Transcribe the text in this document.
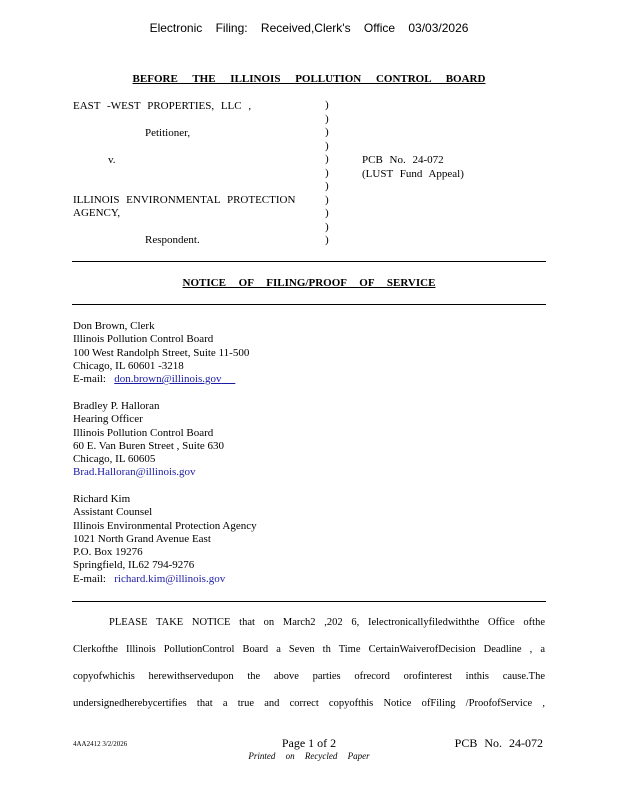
Electronic Filing: Received,Clerk's Office 03/03/2026
BEFORE THE ILLINOIS POLLUTION CONTROL BOARD
EAST -WEST PROPERTIES, LLC ,
Petitioner,
v.
ILLINOIS ENVIRONMENTAL PROTECTION
AGENCY,
Respondent.
)
)
)
)
)
)
)
)
)
)
)
PCB No. 24-072
(LUST Fund Appeal)
NOTICE OF FILING/PROOF OF SERVICE
Don Brown, Clerk
Illinois Pollution Control Board
100 West Randolph Street, Suite 11-500
Chicago, IL 60601 -3218
E-mail: don.brown@illinois.gov
Bradley P. Halloran
Hearing Officer
Illinois Pollution Control Board
60 E. Van Buren Street , Suite 630
Chicago, IL 60605
Brad.Halloran@illinois.gov
Richard Kim
Assistant Counsel
Illinois Environmental Protection Agency
1021 North Grand Avenue East
P.O. Box 19276
Springfield, IL62 794-9276
E-mail: richard.kim@illinois.gov
PLEASE TAKE NOTICE that on March2 ,202 6, Ielectronicallyfiledwiththe Office ofthe
Clerkofthe Illinois PollutionControl Board a Seven th Time CertainWaiverofDecision Deadline , a
copyofwhichis herewithservedupon the above parties ofrecord orofinterest inthis cause.The
undersignedherebycertifies that a true and correct copyofthis Notice ofFiling /ProofofService ,
4AA2412 3/2/2026	Page 1 of 2
Printed on Recycled Paper
PCB No. 24-072
